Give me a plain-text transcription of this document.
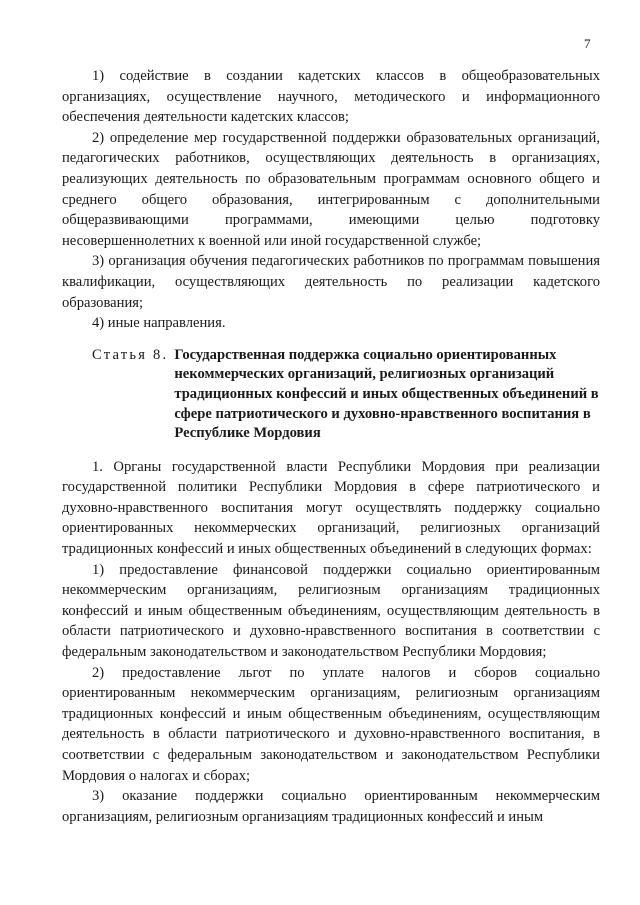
7

1) содействие в создании кадетских классов в общеобразовательных организациях, осуществление научного, методического и информационного обеспечения деятельности кадетских классов;

2) определение мер государственной поддержки образовательных организаций, педагогических работников, осуществляющих деятельность в организациях, реализующих деятельность по образовательным программам основного общего и среднего общего образования, интегрированным с дополнительными общеразвивающими программами, имеющими целью подготовку несовершеннолетних к военной или иной государственной службе;

3) организация обучения педагогических работников по программам повышения квалификации, осуществляющих деятельность по реализации кадетского образования;

4) иные направления.

Статья 8. Государственная поддержка социально ориентированных некоммерческих организаций, религиозных организаций традиционных конфессий и иных общественных объединений в сфере патриотического и духовно-нравственного воспитания в Республике Мордовия

1. Органы государственной власти Республики Мордовия при реализации государственной политики Республики Мордовия в сфере патриотического и духовно-нравственного воспитания могут осуществлять поддержку социально ориентированных некоммерческих организаций, религиозных организаций традиционных конфессий и иных общественных объединений в следующих формах:

1) предоставление финансовой поддержки социально ориентированным некоммерческим организациям, религиозным организациям традиционных конфессий и иным общественным объединениям, осуществляющим деятельность в области патриотического и духовно-нравственного воспитания в соответствии с федеральным законодательством и законодательством Республики Мордовия;

2) предоставление льгот по уплате налогов и сборов социально ориентированным некоммерческим организациям, религиозным организациям традиционных конфессий и иным общественным объединениям, осуществляющим деятельность в области патриотического и духовно-нравственного воспитания, в соответствии с федеральным законодательством и законодательством Республики Мордовия о налогах и сборах;

3) оказание поддержки социально ориентированным некоммерческим организациям, религиозным организациям традиционных конфессий и иным
